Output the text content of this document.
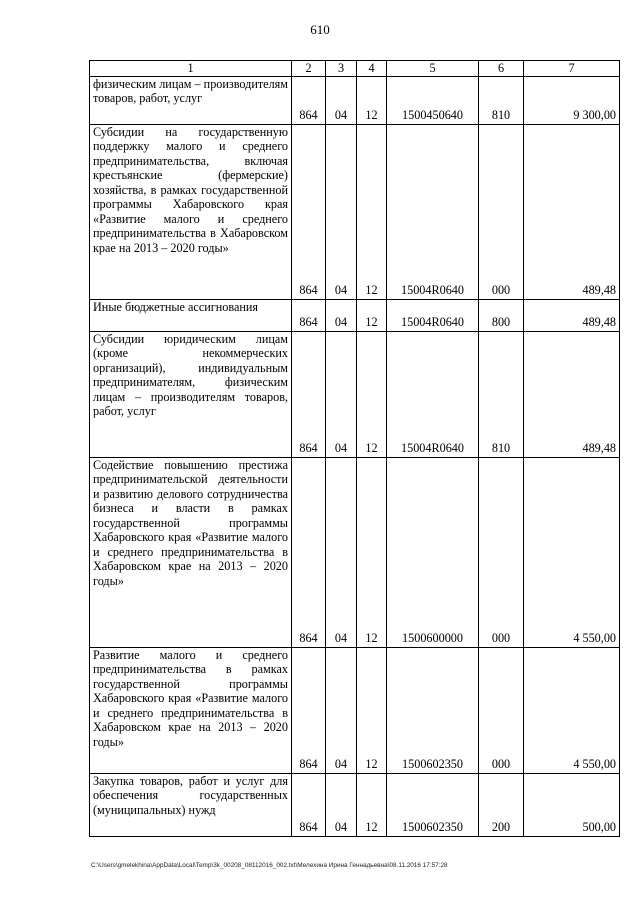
610
1	2	3	4	5	6	7
физическим лицам – производителям товаров, работ, услуг	864	04	12	1500450640	810	9 300,00
Субсидии на государственную поддержку малого и среднего предпринимательства, включая крестьянские (фермерские) хозяйства, в рамках государственной программы Хабаровского края «Развитие малого и среднего предпринимательства в Хабаровском крае на 2013 – 2020 годы»	864	04	12	15004R0640	000	489,48
Иные бюджетные ассигнования	864	04	12	15004R0640	800	489,48
Субсидии юридическим лицам (кроме некоммерческих организаций), индивидуальным предпринимателям, физическим лицам – производителям товаров, работ, услуг	864	04	12	15004R0640	810	489,48
Содействие повышению престижа предпринимательской деятельности и развитию делового сотрудничества бизнеса и власти в рамках государственной программы Хабаровского края «Развитие малого и среднего предпринимательства в Хабаровском крае на 2013 – 2020 годы»	864	04	12	1500600000	000	4 550,00
Развитие малого и среднего предпринимательства в рамках государственной программы Хабаровского края «Развитие малого и среднего предпринимательства в Хабаровском крае на 2013 – 2020 годы»	864	04	12	1500602350	000	4 550,00
Закупка товаров, работ и услуг для обеспечения государственных (муниципальных) нужд	864	04	12	1500602350	200	500,00
C:\Users\gmelekhina\AppData\Local\Temp\3k_00208_08112016_002.txt\Мелехина Ирина Геннадьевна\08.11.2016 17:57:28
